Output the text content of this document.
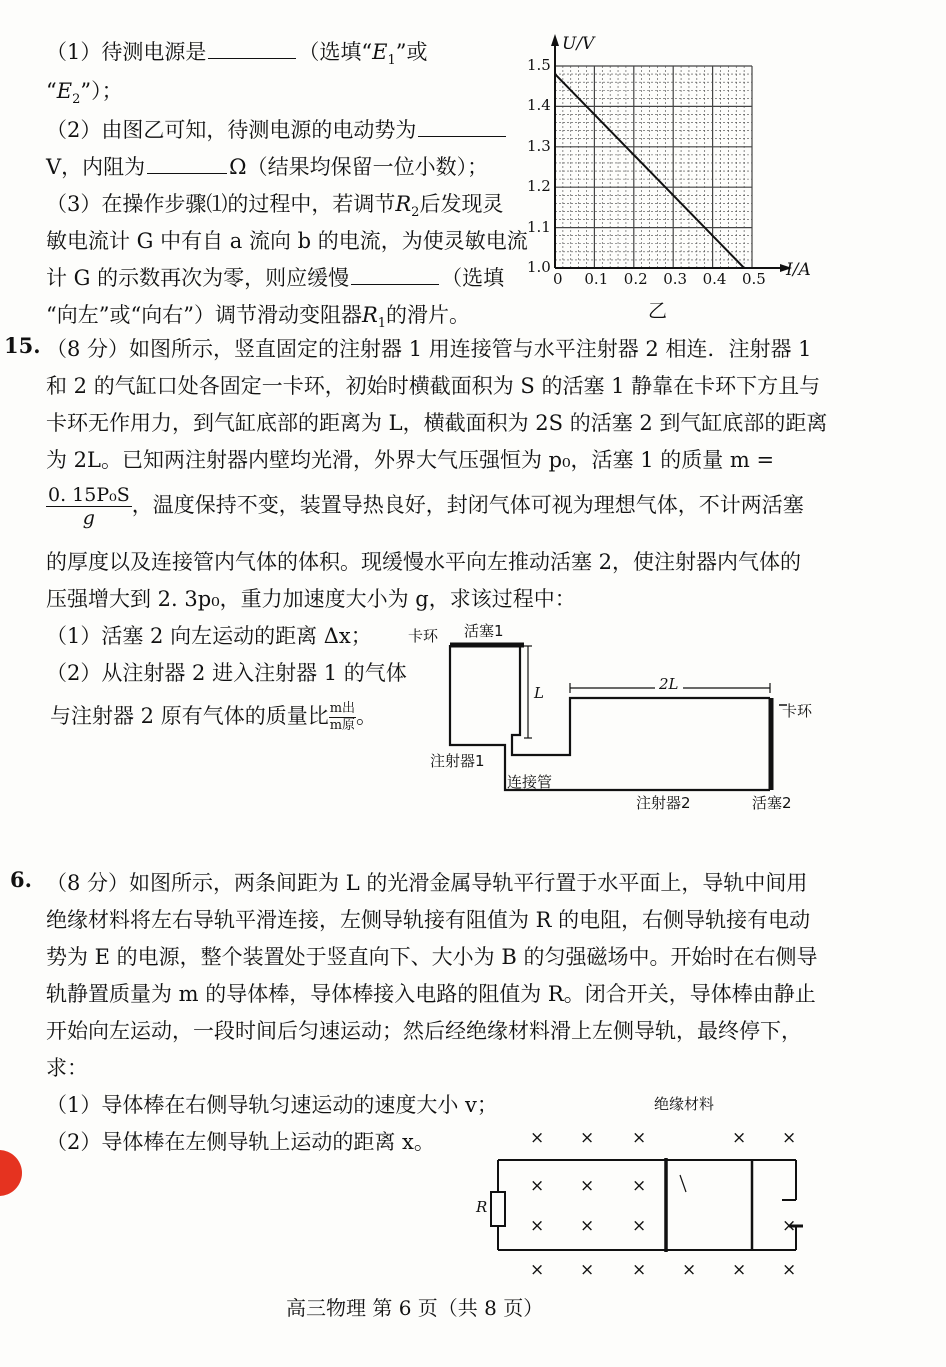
（1）待测电源是	（选填“$E_1$”或
“$E_2$”）；
（2）由图乙可知，待测电源的电动势为
V，内阻为	Ω（结果均保留一位小数）；
（3）在操作步骤⑴的过程中，若调节$R_2$后发现灵
敏电流计 G 中有自 a 流向 b 的电流，为使灵敏电流
计 G 的示数再次为零，则应缓慢	（选填
“向左”或“向右”）调节滑动变阻器$R_1$的滑片。
U/V
I/A
乙
0 0.1 0.2 0.3 0.4 0.5
1.0
1.1
1.2
1.3
1.4
1.5
15. （8 分）如图所示，竖直固定的注射器 1 用连接管与水平注射器 2 相连．注射器 1
和 2 的气缸口处各固定一卡环，初始时横截面积为 S 的活塞 1 静靠在卡环下方且与
卡环无作用力，到气缸底部的距离为 L，横截面积为 2S 的活塞 2 到气缸底部的距离
为 2L。已知两注射器内壁均光滑，外界大气压强恒为 p₀，活塞 1 的质量 m =
$\frac{\text{0. 15P₀S}}{g}$ ，温度保持不变，装置导热良好，封闭气体可视为理想气体，不计两活塞
的厚度以及连接管内气体的体积。现缓慢水平向左推动活塞 2，使注射器内气体的
压强增大到 2. 3p₀，重力加速度大小为 g，求该过程中：
（1）活塞 2 向左运动的距离 Δx；
（2）从注射器 2 进入注射器 1 的气体
与注射器 2 原有气体的质量比 $\frac{\text{m出}}{\text{m原}}$。
卡环 活塞1
L	2L
卡环
注射器1
连接管
注射器2	活塞2
6. （8 分）如图所示，两条间距为 L 的光滑金属导轨平行置于水平面上，导轨中间用
绝缘材料将左右导轨平滑连接，左侧导轨接有阻值为 R 的电阻，右侧导轨接有电动
势为 E 的电源，整个装置处于竖直向下、大小为 B 的匀强磁场中。开始时在右侧导
轨静置质量为 m 的导体棒，导体棒接入电路的阻值为 R。闭合开关，导体棒由静止
开始向左运动，一段时间后匀速运动；然后经绝缘材料滑上左侧导轨，最终停下，
求：
（1）导体棒在右侧导轨匀速运动的速度大小 v；
（2）导体棒在左侧导轨上运动的距离 x。
绝缘材料
R
× × ×	× ×
× × ×
× × ×	×
× × × × × ×
高三物理 第 6 页（共 8 页）
